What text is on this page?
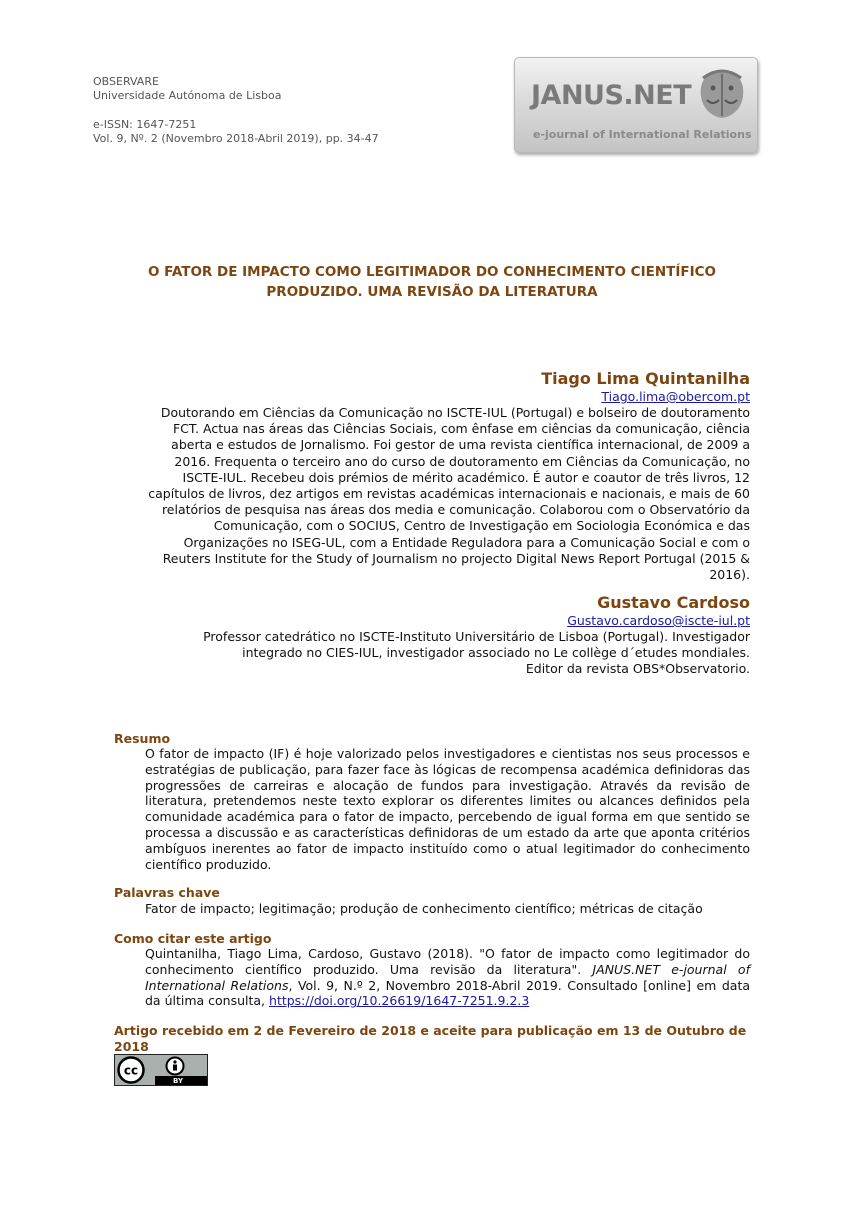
OBSERVARE
Universidade Autónoma de Lisboa
e-ISSN: 1647-7251
Vol. 9, Nº. 2 (Novembro 2018-Abril 2019), pp. 34-47
JANUS.NET
e-journal of International Relations
O FATOR DE IMPACTO COMO LEGITIMADOR DO CONHECIMENTO CIENTÍFICO
PRODUZIDO. UMA REVISÃO DA LITERATURA
Tiago Lima Quintanilha
Tiago.lima@obercom.pt
Doutorando em Ciências da Comunicação no ISCTE-IUL (Portugal) e bolseiro de doutoramento
FCT. Actua nas áreas das Ciências Sociais, com ênfase em ciências da comunicação, ciência
aberta e estudos de Jornalismo. Foi gestor de uma revista científica internacional, de 2009 a
2016. Frequenta o terceiro ano do curso de doutoramento em Ciências da Comunicação, no
ISCTE-IUL. Recebeu dois prémios de mérito académico. É autor e coautor de três livros, 12
capítulos de livros, dez artigos em revistas académicas internacionais e nacionais, e mais de 60
relatórios de pesquisa nas áreas dos media e comunicação. Colaborou com o Observatório da
Comunicação, com o SOCIUS, Centro de Investigação em Sociologia Económica e das
Organizações no ISEG-UL, com a Entidade Reguladora para a Comunicação Social e com o
Reuters Institute for the Study of Journalism no projecto Digital News Report Portugal (2015 &
2016).
Gustavo Cardoso
Gustavo.cardoso@iscte-iul.pt
Professor catedrático no ISCTE-Instituto Universitário de Lisboa (Portugal). Investigador
integrado no CIES-IUL, investigador associado no Le collège d´etudes mondiales.
Editor da revista OBS*Observatorio.
Resumo
O fator de impacto (IF) é hoje valorizado pelos investigadores e cientistas nos seus processos e estratégias de publicação, para fazer face às lógicas de recompensa académica definidoras das progressões de carreiras e alocação de fundos para investigação. Através da revisão de literatura, pretendemos neste texto explorar os diferentes limites ou alcances definidos pela comunidade académica para o fator de impacto, percebendo de igual forma em que sentido se processa a discussão e as características definidoras de um estado da arte que aponta critérios ambíguos inerentes ao fator de impacto instituído como o atual legitimador do conhecimento científico produzido.
Palavras chave
Fator de impacto; legitimação; produção de conhecimento científico; métricas de citação
Como citar este artigo
Quintanilha, Tiago Lima, Cardoso, Gustavo (2018). "O fator de impacto como legitimador do conhecimento científico produzido. Uma revisão da literatura". JANUS.NET e-journal of International Relations, Vol. 9, N.º 2, Novembro 2018-Abril 2019. Consultado [online] em data da última consulta, https://doi.org/10.26619/1647-7251.9.2.3
Artigo recebido em 2 de Fevereiro de 2018 e aceite para publicação em 13 de Outubro de 2018
cc
BY
